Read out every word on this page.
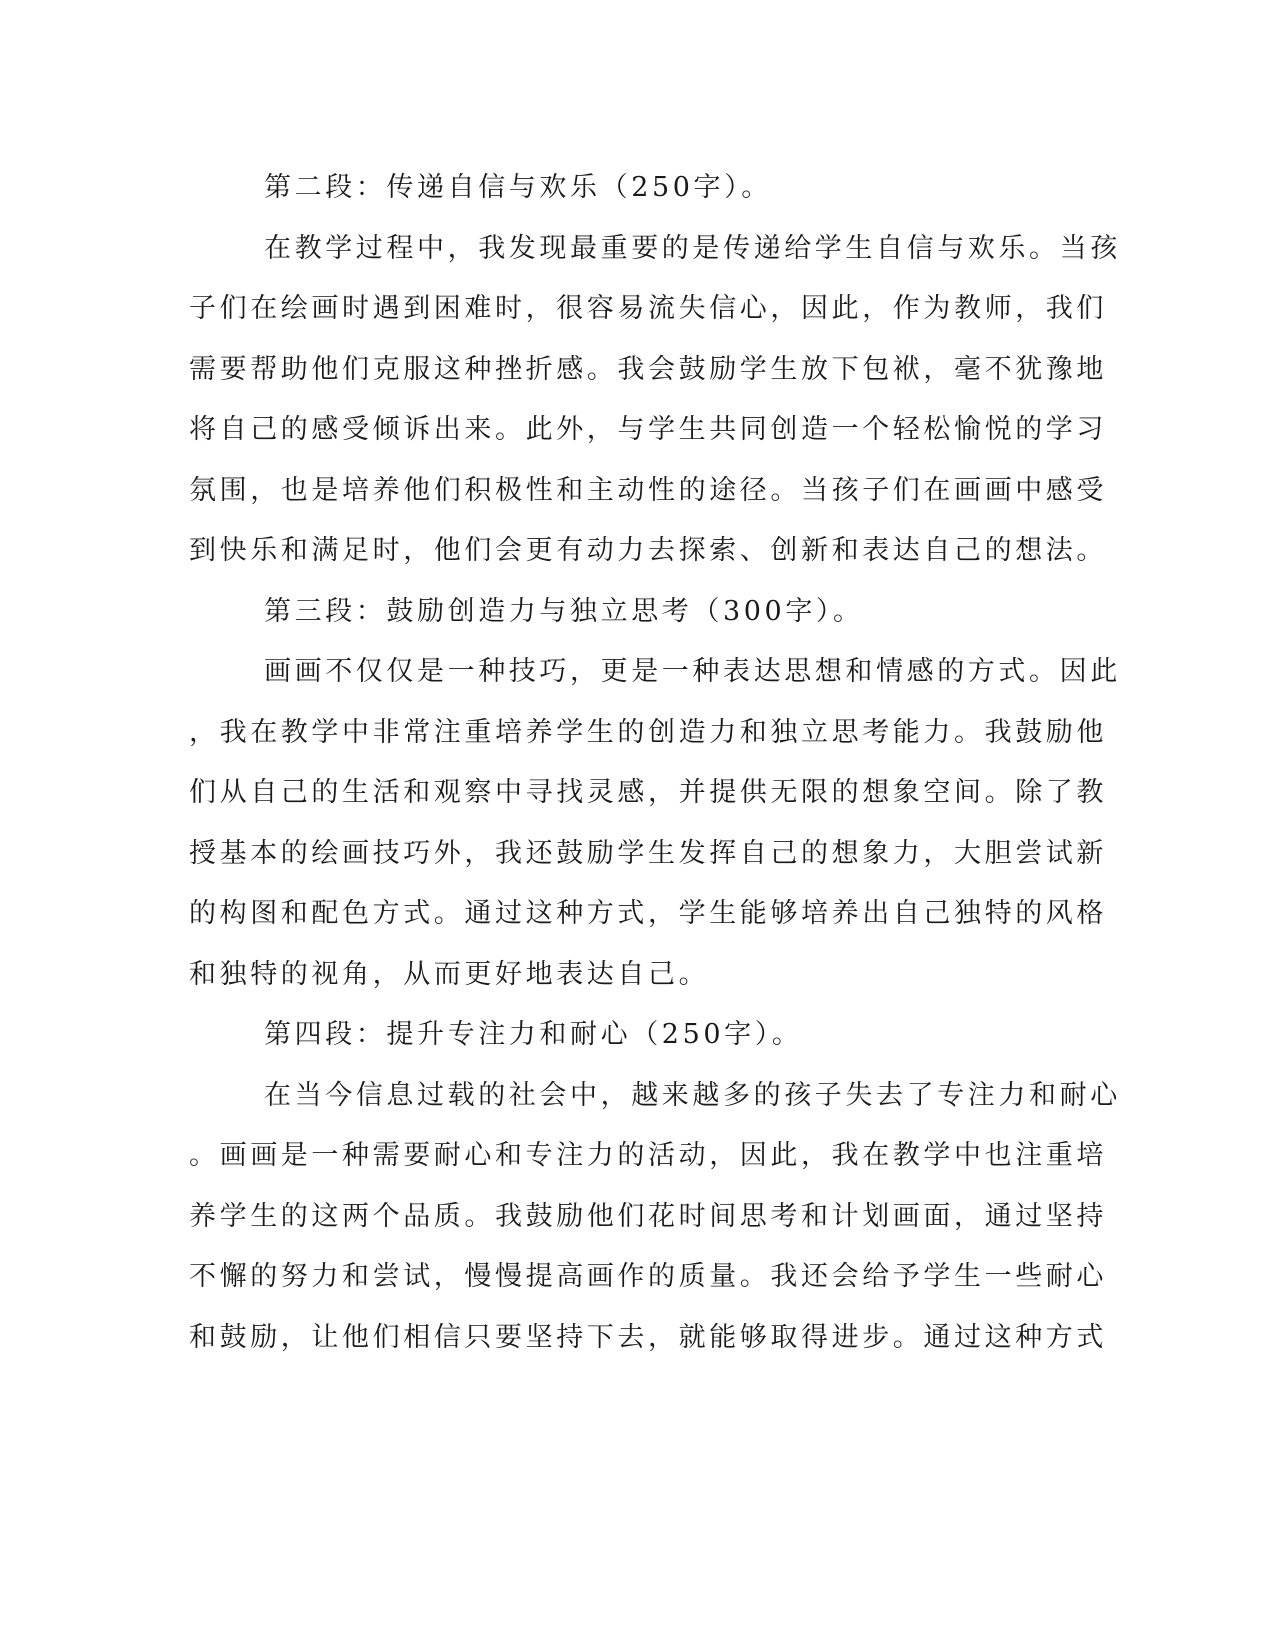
第二段：传递自信与欢乐（250字）。
在教学过程中，我发现最重要的是传递给学生自信与欢乐。当孩
子们在绘画时遇到困难时，很容易流失信心，因此，作为教师，我们
需要帮助他们克服这种挫折感。我会鼓励学生放下包袱，毫不犹豫地
将自己的感受倾诉出来。此外，与学生共同创造一个轻松愉悦的学习
氛围，也是培养他们积极性和主动性的途径。当孩子们在画画中感受
到快乐和满足时，他们会更有动力去探索、创新和表达自己的想法。
第三段：鼓励创造力与独立思考（300字）。
画画不仅仅是一种技巧，更是一种表达思想和情感的方式。因此
，我在教学中非常注重培养学生的创造力和独立思考能力。我鼓励他
们从自己的生活和观察中寻找灵感，并提供无限的想象空间。除了教
授基本的绘画技巧外，我还鼓励学生发挥自己的想象力，大胆尝试新
的构图和配色方式。通过这种方式，学生能够培养出自己独特的风格
和独特的视角，从而更好地表达自己。
第四段：提升专注力和耐心（250字）。
在当今信息过载的社会中，越来越多的孩子失去了专注力和耐心
。画画是一种需要耐心和专注力的活动，因此，我在教学中也注重培
养学生的这两个品质。我鼓励他们花时间思考和计划画面，通过坚持
不懈的努力和尝试，慢慢提高画作的质量。我还会给予学生一些耐心
和鼓励，让他们相信只要坚持下去，就能够取得进步。通过这种方式
